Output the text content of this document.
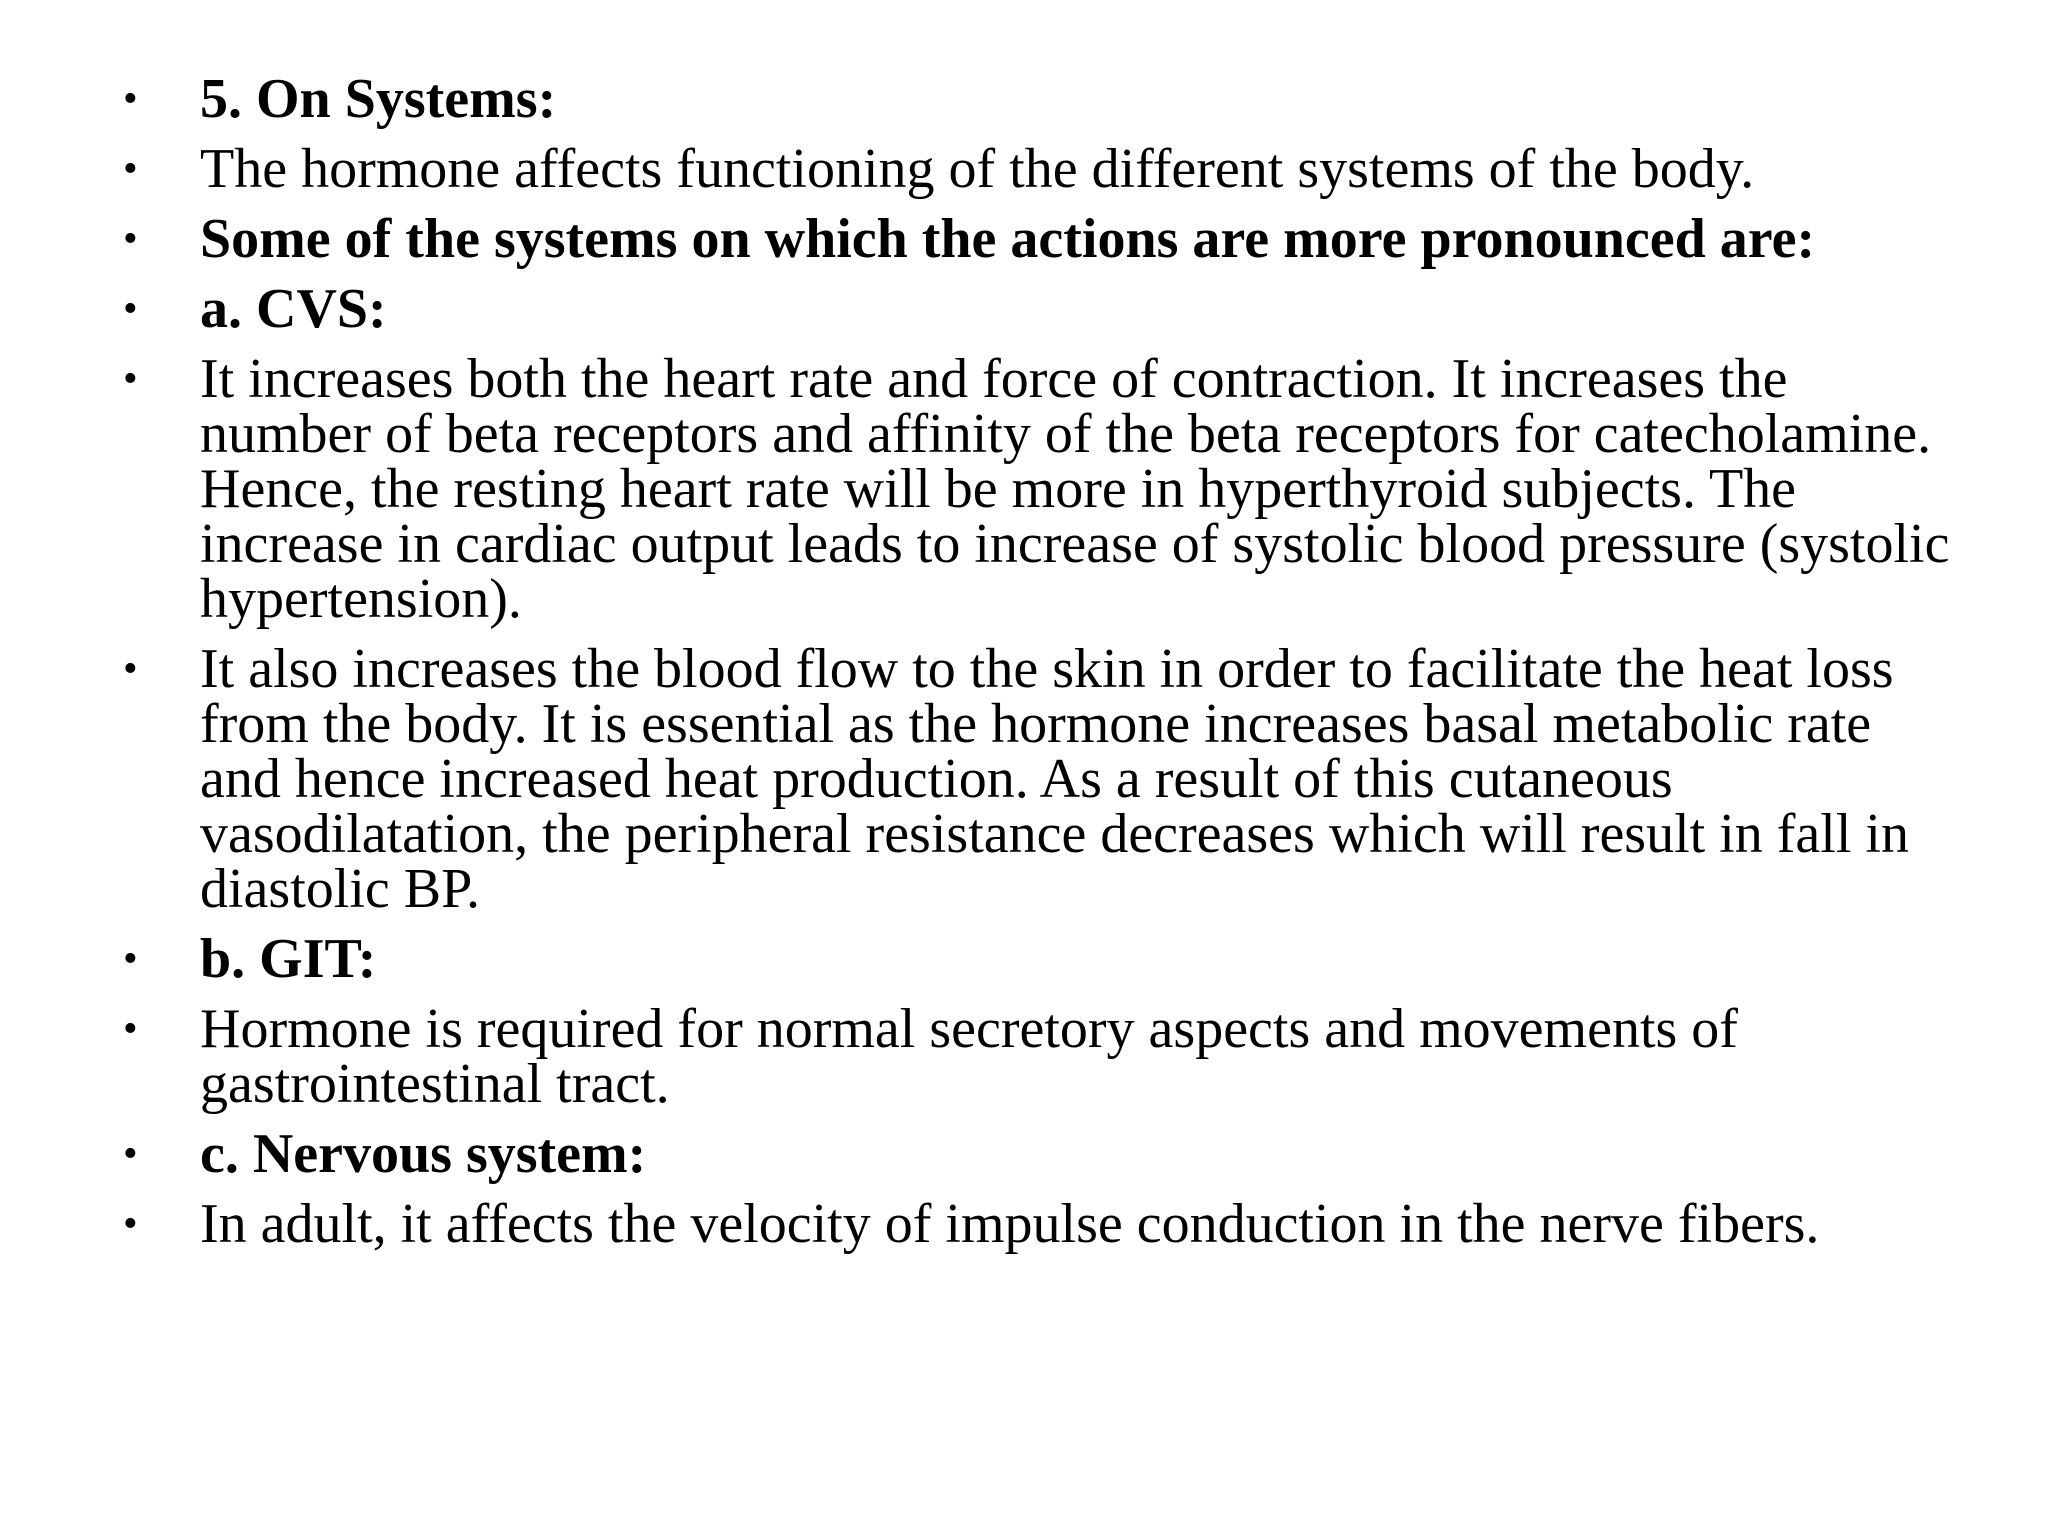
• 5. On Systems:
• The hormone affects functioning of the different systems of the body.
• Some of the systems on which the actions are more pronounced are:
• a. CVS:
• It increases both the heart rate and force of contraction. It increases the number of beta receptors and affinity of the beta receptors for catecholamine. Hence, the resting heart rate will be more in hyperthyroid subjects. The increase in cardiac output leads to increase of systolic blood pressure (systolic hypertension).
• It also increases the blood flow to the skin in order to facilitate the heat loss from the body. It is essential as the hormone increases basal metabolic rate and hence increased heat production. As a result of this cutaneous vasodilatation, the peripheral resistance decreases which will result in fall in diastolic BP.
• b. GIT:
• Hormone is required for normal secretory aspects and movements of gastrointestinal tract.
• c. Nervous system:
• In adult, it affects the velocity of impulse conduction in the nerve fibers.
